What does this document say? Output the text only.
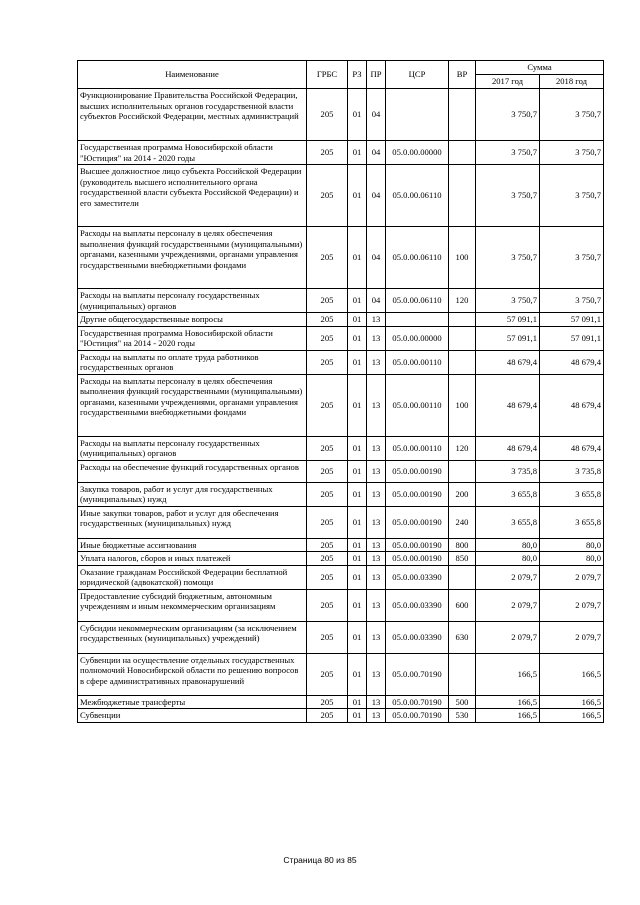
Наименование	ГРБС	РЗ	ПР	ЦСР	ВР	Сумма	
						2017 год	2018 год
Функционирование Правительства Российской Федерации, высших исполнительных органов государственной власти субъектов Российской Федерации, местных администраций	205	01	04			3 750,7	3 750,7
Государственная программа Новосибирской области "Юстиция" на 2014 - 2020 годы	205	01	04	05.0.00.00000		3 750,7	3 750,7
Высшее должностное лицо субъекта Российской Федерации (руководитель высшего исполнительного органа государственной власти субъекта Российской Федерации) и его заместители	205	01	04	05.0.00.06110		3 750,7	3 750,7
Расходы на выплаты персоналу в целях обеспечения выполнения функций государственными (муниципальными) органами, казенными учреждениями, органами управления государственными внебюджетными фондами	205	01	04	05.0.00.06110	100	3 750,7	3 750,7
Расходы на выплаты персоналу государственных (муниципальных) органов	205	01	04	05.0.00.06110	120	3 750,7	3 750,7
Другие общегосударственные вопросы	205	01	13			57 091,1	57 091,1
Государственная программа Новосибирской области "Юстиция" на 2014 - 2020 годы	205	01	13	05.0.00.00000		57 091,1	57 091,1
Расходы на выплаты по оплате труда работников государственных органов	205	01	13	05.0.00.00110		48 679,4	48 679,4
Расходы на выплаты персоналу в целях обеспечения выполнения функций государственными (муниципальными) органами, казенными учреждениями, органами управления государственными внебюджетными фондами	205	01	13	05.0.00.00110	100	48 679,4	48 679,4
Расходы на выплаты персоналу государственных (муниципальных) органов	205	01	13	05.0.00.00110	120	48 679,4	48 679,4
Расходы на обеспечение функций государственных органов	205	01	13	05.0.00.00190		3 735,8	3 735,8
Закупка товаров, работ и услуг для государственных (муниципальных) нужд	205	01	13	05.0.00.00190	200	3 655,8	3 655,8
Иные закупки товаров, работ и услуг для обеспечения государственных (муниципальных) нужд	205	01	13	05.0.00.00190	240	3 655,8	3 655,8
Иные бюджетные ассигнования	205	01	13	05.0.00.00190	800	80,0	80,0
Уплата налогов, сборов и иных платежей	205	01	13	05.0.00.00190	850	80,0	80,0
Оказание гражданам Российской Федерации бесплатной юридической (адвокатской) помощи	205	01	13	05.0.00.03390		2 079,7	2 079,7
Предоставление субсидий бюджетным, автономным учреждениям и иным некоммерческим организациям	205	01	13	05.0.00.03390	600	2 079,7	2 079,7
Субсидии некоммерческим организациям (за исключением государственных (муниципальных) учреждений)	205	01	13	05.0.00.03390	630	2 079,7	2 079,7
Субвенции на осуществление отдельных государственных полномочий Новосибирской области по решению вопросов в сфере административных правонарушений	205	01	13	05.0.00.70190		166,5	166,5
Межбюджетные трансферты	205	01	13	05.0.00.70190	500	166,5	166,5
Субвенции	205	01	13	05.0.00.70190	530	166,5	166,5
Страница 80 из 85
